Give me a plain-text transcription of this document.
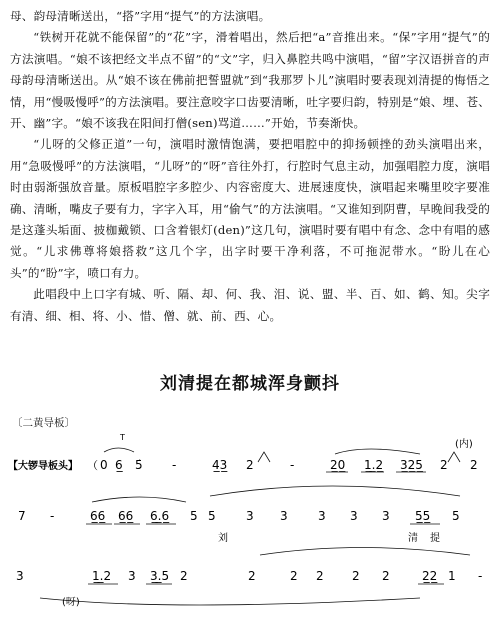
母、韵母清晰送出，“搭”字用“提气”的方法演唱。

“铁树开花就不能保留”的“花”字，滑着唱出，然后把“a”音推出来。“保”字用“提气”的方法演唱。“娘不该把经文半点不留”的“文”字，归入鼻腔共鸣中演唱，“留”字汉语拼音的声母韵母清晰送出。从“娘不该在佛前把誓盟就”到“我那罗卜儿”演唱时要表现刘清提的悔悟之情，用“慢吸慢呼”的方法演唱。要注意咬字口齿要清晰，吐字要归韵，特别是“娘、埋、苍、开、幽”字。“娘不该我在阳间打僧(sen)骂道……”开始，节奏渐快。

“儿呀的父修正道”一句，演唱时激情饱满，要把唱腔中的抑扬顿挫的劲头演唱出来，用“急吸慢呼”的方法演唱，“儿呀”的“呀”音往外打，行腔时气息主动，加强唱腔力度，演唱时由弱渐强放音量。原板唱腔字多腔少、内容密度大、进展速度快，演唱起来嘴里咬字要准确、清晰，嘴皮子要有力，字字入耳，用“偷气”的方法演唱。“又谁知到阴曹，早晚间我受的是这蓬头垢面、披枷戴锁、口含着银灯(den)”这几句，演唱时要有唱中有念、念中有唱的感觉。“儿求佛尊将娘搭救”这几个字，出字时要干净利落，不可拖泥带水。“盼儿在心头”的“盼”字，喷口有力。

此唱段中上口字有城、听、隔、却、何、我、泪、说、盟、半、百、如、鹤、知。尖字有清、细、相、将、小、惜、僧、就、前、西、心。

刘清提在都城浑身颤抖
〔二黄导板〕
【大锣导板头】 （
(内)
0 6̲ 5̇ -	4̲3̲ 2	-	2̲0̲ 1̲.̲2̲ 3̲2̲5̲ 2 2
T
7 -	6̲6̲ 6̲6̲ 6̲.̲6̲ 5 5	3 3	3 3 3 5̲5̲ 5
刘	清 提
3	1̲.̲2 3 3̲.̲5 2	2	2 2 2 2	2̲2̲ 1 -
(呀)
